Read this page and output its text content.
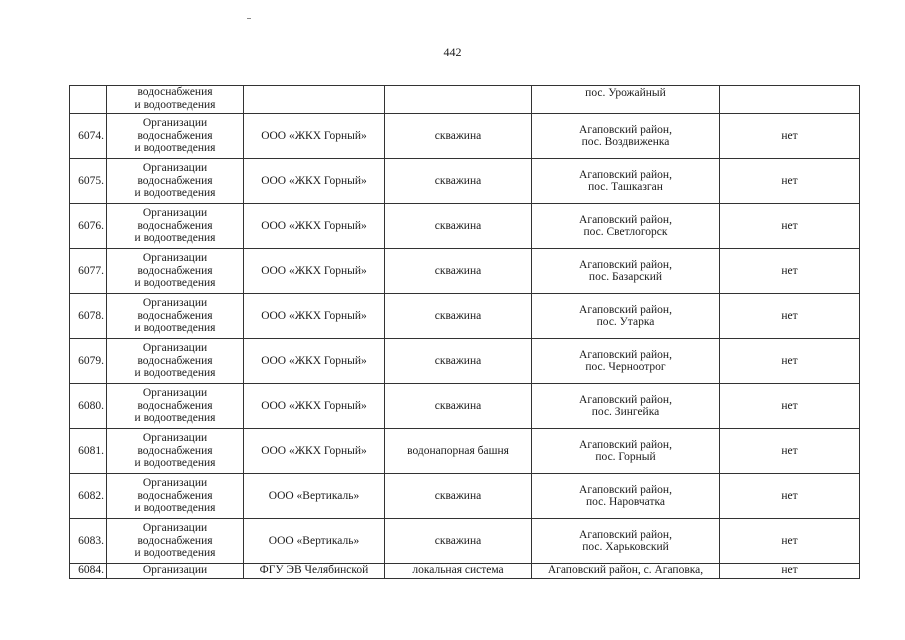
442

	водоснабжения
и водоотведения			пос. Урожайный	

6074.	Организации
водоснабжения
и водоотведения	ООО «ЖКХ Горный»	скважина	Агаповский район,
пос. Воздвиженка	нет
6075.	Организации
водоснабжения
и водоотведения	ООО «ЖКХ Горный»	скважина	Агаповский район,
пос. Ташказган	нет
6076.	Организации
водоснабжения
и водоотведения	ООО «ЖКХ Горный»	скважина	Агаповский район,
пос. Светлогорск	нет
6077.	Организации
водоснабжения
и водоотведения	ООО «ЖКХ Горный»	скважина	Агаповский район,
пос. Базарский	нет
6078.	Организации
водоснабжения
и водоотведения	ООО «ЖКХ Горный»	скважина	Агаповский район,
пос. Утарка	нет
6079.	Организации
водоснабжения
и водоотведения	ООО «ЖКХ Горный»	скважина	Агаповский район,
пос. Черноотрог	нет
6080.	Организации
водоснабжения
и водоотведения	ООО «ЖКХ Горный»	скважина	Агаповский район,
пос. Зингейка	нет
6081.	Организации
водоснабжения
и водоотведения	ООО «ЖКХ Горный»	водонапорная башня	Агаповский район,
пос. Горный	нет
6082.	Организации
водоснабжения
и водоотведения	ООО «Вертикаль»	скважина	Агаповский район,
пос. Наровчатка	нет
6083.	Организации
водоснабжения
и водоотведения	ООО «Вертикаль»	скважина	Агаповский район,
пос. Харьковский	нет
6084.	Организации	ФГУ ЭВ Челябинской	локальная система	Агаповский район, с. Агаповка,	нет
